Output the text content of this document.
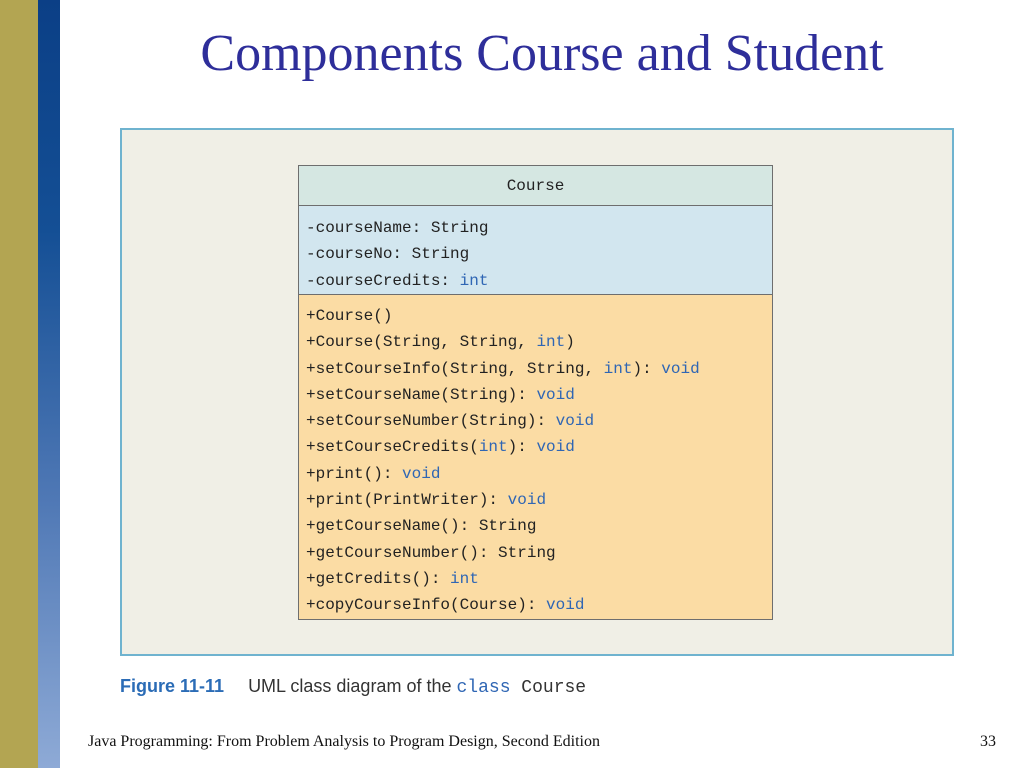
Components Course and Student
Course
-courseName: String
-courseNo: String
-courseCredits: int
+Course()
+Course(String, String, int)
+setCourseInfo(String, String, int): void
+setCourseName(String): void
+setCourseNumber(String): void
+setCourseCredits(int): void
+print(): void
+print(PrintWriter): void
+getCourseName(): String
+getCourseNumber(): String
+getCredits(): int
+copyCourseInfo(Course): void
Figure 11-11 UML class diagram of the class Course
Java Programming: From Problem Analysis to Program Design, Second Edition	33
